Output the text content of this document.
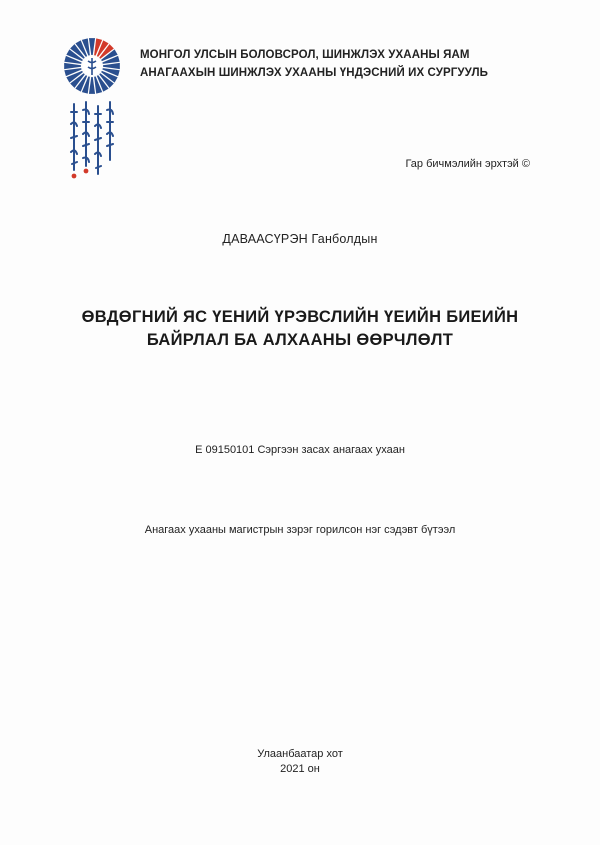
МОНГОЛ УЛСЫН БОЛОВСРОЛ, ШИНЖЛЭХ УХААНЫ ЯАМ
АНАГААХЫН ШИНЖЛЭХ УХААНЫ ҮНДЭСНИЙ ИХ СУРГУУЛЬ
Гар бичмэлийн эрхтэй ©
ДАВААСҮРЭН Ганболдын
ӨВДӨГНИЙ ЯС ҮЕНИЙ ҮРЭВСЛИЙН ҮЕИЙН БИЕИЙН
БАЙРЛАЛ БА АЛХААНЫ ӨӨРЧЛӨЛТ
E 09150101 Сэргээн засах анагаах ухаан
Анагаах ухааны магистрын зэрэг горилсон нэг сэдэвт бүтээл
Улаанбаатар хот
2021 он
